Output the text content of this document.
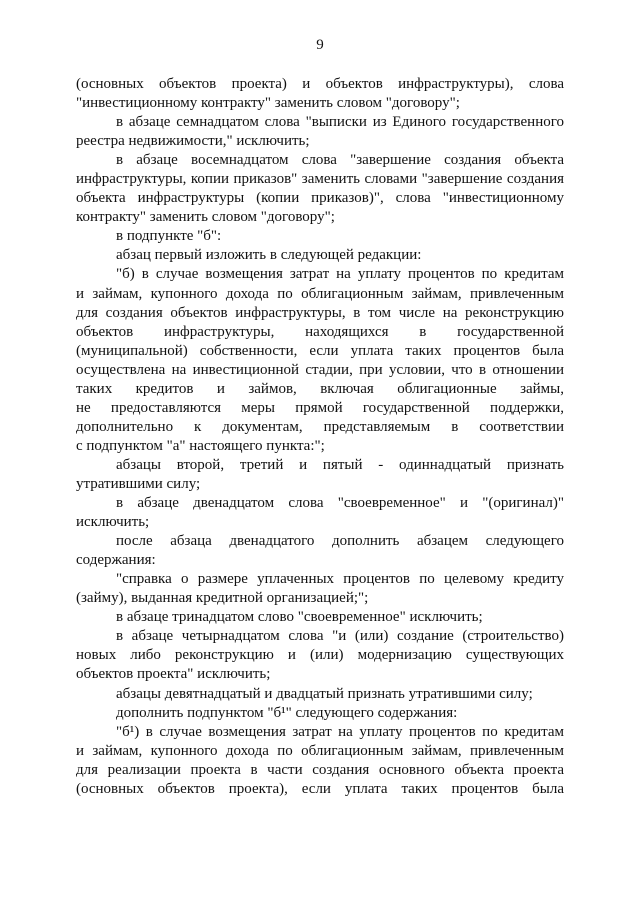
9
(основных объектов проекта) и объектов инфраструктуры), слова
"инвестиционному контракту" заменить словом "договору";
в абзаце семнадцатом слова "выписки из Единого государственного
реестра недвижимости," исключить;
в абзаце восемнадцатом слова "завершение создания объекта
инфраструктуры, копии приказов" заменить словами "завершение создания
объекта инфраструктуры (копии приказов)", слова "инвестиционному
контракту" заменить словом "договору";
в подпункте "б":
абзац первый изложить в следующей редакции:
"б) в случае возмещения затрат на уплату процентов по кредитам
и займам, купонного дохода по облигационным займам, привлеченным
для создания объектов инфраструктуры, в том числе на реконструкцию
объектов инфраструктуры, находящихся в государственной
(муниципальной) собственности, если уплата таких процентов была
осуществлена на инвестиционной стадии, при условии, что в отношении
таких кредитов и займов, включая облигационные займы,
не предоставляются меры прямой государственной поддержки,
дополнительно к документам, представляемым в соответствии
с подпунктом "а" настоящего пункта:";
абзацы второй, третий и пятый - одиннадцатый признать
утратившими силу;
в абзаце двенадцатом слова "своевременное" и "(оригинал)"
исключить;
после абзаца двенадцатого дополнить абзацем следующего
содержания:
"справка о размере уплаченных процентов по целевому кредиту
(займу), выданная кредитной организацией;";
в абзаце тринадцатом слово "своевременное" исключить;
в абзаце четырнадцатом слова "и (или) создание (строительство)
новых либо реконструкцию и (или) модернизацию существующих
объектов проекта" исключить;
абзацы девятнадцатый и двадцатый признать утратившими силу;
дополнить подпунктом "б¹" следующего содержания:
"б¹) в случае возмещения затрат на уплату процентов по кредитам
и займам, купонного дохода по облигационным займам, привлеченным
для реализации проекта в части создания основного объекта проекта
(основных объектов проекта), если уплата таких процентов была
